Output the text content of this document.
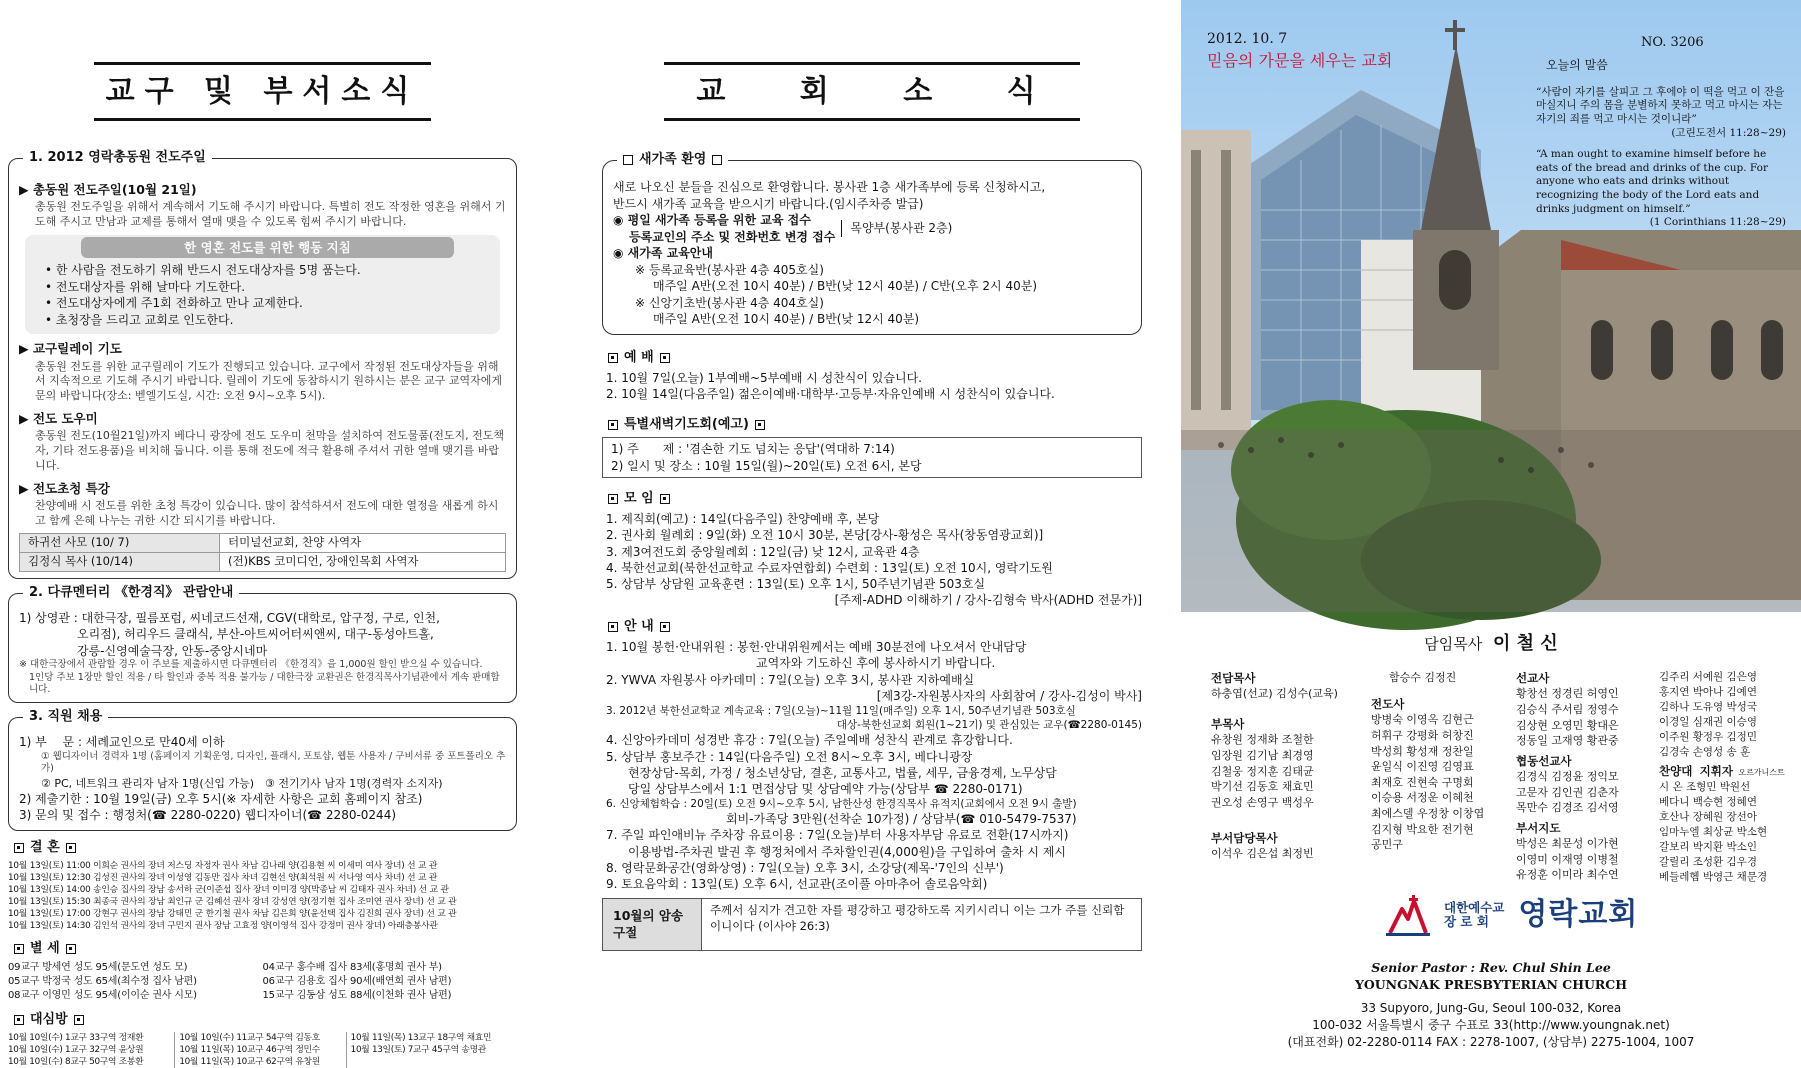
교구 및 부서소식
1. 2012 영락총동원 전도주일
▶ 총동원 전도주일(10월 21일)
총동원 전도주일을 위해서 계속해서 기도해 주시기 바랍니다. 특별히 전도 작정한 영혼을 위해서 기도해 주시고 만남과 교제를 통해서 열매 맺을 수 있도록 힘써 주시기 바랍니다.
한 영혼 전도를 위한 행동 지침
• 한 사람을 전도하기 위해 반드시 전도대상자를 5명 품는다.
• 전도대상자를 위해 날마다 기도한다.
• 전도대상자에게 주1회 전화하고 만나 교제한다.
• 초청장을 드리고 교회로 인도한다.
▶ 교구릴레이 기도
총동원 전도를 위한 교구릴레이 기도가 진행되고 있습니다. 교구에서 작정된 전도대상자들을 위해서 지속적으로 기도해 주시기 바랍니다. 릴레이 기도에 동참하시기 원하시는 분은 교구 교역자에게 문의 바랍니다(장소: 벧엘기도실, 시간: 오전 9시~오후 5시).
▶ 전도 도우미
총동원 전도(10월21일)까지 베다니 광장에 전도 도우미 천막을 설치하여 전도물품(전도지, 전도책자, 기타 전도용품)을 비치해 둡니다. 이를 통해 전도에 적극 활용해 주셔서 귀한 열매 맺기를 바랍니다.
▶ 전도초청 특강
찬양예배 시 전도를 위한 초청 특강이 있습니다. 많이 참석하셔서 전도에 대한 열정을 새롭게 하시고 함께 은혜 나누는 귀한 시간 되시기를 바랍니다.
하귀선 사모 (10/ 7)	터미널선교회, 찬양 사역자
김정식 목사 (10/14)	(전)KBS 코미디언, 장애인목회 사역자
2. 다큐멘터리 《한경직》 관람안내
1) 상영관 : 대한극장, 필름포럼, 씨네코드선재, CGV(대학로, 압구정, 구로, 인천,
오리점), 허리우드 클래식, 부산-아트씨어터씨앤씨, 대구-동성아트홀,
강릉-신영예술극장, 안동-중앙시네마
※ 대한극장에서 관람할 경우 이 주보를 제출하시면 다큐멘터리 《한경직》을 1,000원 할인 받으실 수 있습니다.
1인당 주보 1장만 할인 적용 / 타 할인과 중복 적용 불가능 / 대한극장 교환권은 한경직목사기념관에서 계속 판매합니다.
3. 직원 채용
1) 부　 문 : 세례교인으로 만40세 이하
① 웹디자이너 경력자 1명 (홈페이지 기획운영, 디자인, 플래시, 포토샵, 웹툰 사용자 / 구비서류 중 포트폴리오 추가)
② PC, 네트워크 관리자 남자 1명(신입 가능)　③ 전기기사 남자 1명(경력자 소지자)
2) 제출기한 : 10월 19일(금) 오후 5시(※ 자세한 사항은 교회 홈페이지 참조)
3) 문의 및 접수 : 행정처(☎ 2280-0220) 웹디자이너(☎ 2280-0244)
결 혼
10월 13일(토) 11:00 이희순 권사의 장녀 저스딩 자정자 권사 차남 김나래 양(김용현 씨 이세미 여사 장녀) 선 교 관
10월 13일(토) 12:30 김성진 권사의 장녀 이성영 김동만 집사 차녀 김현선 양(최석원 씨 서나영 여사 차녀) 선 교 관
10월 13일(토) 14:00 송인승 집사의 장남 송서하 군(이준섭 집사 장녀 이미경 양(박종남 씨 김태자 권사 차녀) 선 교 관
10월 13일(토) 15:30 최종국 권사의 장남 최인규 군 김혜선 권사 장녀 강성연 양(정기현 집사 조미연 권사 장녀) 선 교 관
10월 13일(토) 17:00 강현구 권사의 장남 강태민 군 한기철 권사 차남 김은희 양(윤선택 집사 김진희 권사 장녀) 선 교 관
10월 13일(토) 14:30 김인석 권사의 장녀 구민지 권사 장남 고효정 양(이영석 집사 강정미 권사 장녀) 아래층봉사관
별 세
09교구 방세연 성도 95세(문도연 성도 모)
05교구 박정국 성도 65세(최수정 집사 남편)
08교구 이영민 성도 95세(이이순 권사 시모)
04교구 홍수배 집사 83세(홍명희 권사 부)
06교구 김용호 집사 90세(배연희 권사 남편)
15교구 김동삼 성도 88세(이천화 권사 남편)
대심방
10월 10일(수) 1교구 33구역 정재환
10월 10일(수) 1교구 32구역 윤상원
10월 10일(수) 8교구 50구역 조봉환
10월 10일(수) 11교구 54구역 김동호
10월 11일(목) 10교구 46구역 정민수
10월 11일(목) 10교구 62구역 유창원
10월 11일(목) 13교구 18구역 채효민
10월 13일(토) 7교구 45구역 송명관
교 회 소 식
새가족 환영
새로 나오신 분들을 진심으로 환영합니다. 봉사관 1층 새가족부에 등록 신청하시고,
반드시 새가족 교육을 받으시기 바랍니다.(임시주차증 발급)
◉ 평일 새가족 등록을 위한 교육 접수
등록교인의 주소 및 전화번호 변경 접수
목양부(봉사관 2층)
◉ 새가족 교육안내
※ 등록교육반(봉사관 4층 405호실)
매주일 A반(오전 10시 40분) / B반(낮 12시 40분) / C반(오후 2시 40분)
※ 신앙기초반(봉사관 4층 404호실)
매주일 A반(오전 10시 40분) / B반(낮 12시 40분)
예 배
1. 10월 7일(오늘) 1부예배~5부예배 시 성찬식이 있습니다.
2. 10월 14일(다음주일) 젊은이예배·대학부·고등부·자유인예배 시 성찬식이 있습니다.
특별새벽기도회(예고)
1) 주　　제 : '겸손한 기도 넘치는 응답'(역대하 7:14)
2) 일시 및 장소 : 10월 15일(월)~20일(토) 오전 6시, 본당
모 임
1. 제직회(예고) : 14일(다음주일) 찬양예배 후, 본당
2. 권사회 월례회 : 9일(화) 오전 10시 30분, 본당[강사-황성은 목사(창동염광교회)]
3. 제3여전도회 중앙월례회 : 12일(금) 낮 12시, 교육관 4층
4. 북한선교회(북한선교학교 수료자연합회) 수련회 : 13일(토) 오전 10시, 영락기도원
5. 상담부 상담원 교육훈련 : 13일(토) 오후 1시, 50주년기념관 503호실
[주제-ADHD 이해하기 / 강사-김형숙 박사(ADHD 전문가)]
안 내
1. 10월 봉헌·안내위원 : 봉헌·안내위원께서는 예배 30분전에 나오셔서 안내담당
교역자와 기도하신 후에 봉사하시기 바랍니다.
2. YWVA 자원봉사 아카데미 : 7일(오늘) 오후 3시, 봉사관 지하예배실
[제3강-자원봉사자의 사회참여 / 강사-김성이 박사]
3. 2012년 북한선교학교 계속교육 : 7일(오늘)~11월 11일(매주일) 오후 1시, 50주년기념관 503호실
대상-북한선교회 회원(1~21기) 및 관심있는 교우(☎2280-0145)
4. 신앙아카데미 성경반 휴강 : 7일(오늘) 주일예배 성찬식 관계로 휴강합니다.
5. 상담부 홍보주간 : 14일(다음주일) 오전 8시~오후 3시, 베다니광장
현장상담-목회, 가정 / 청소년상담, 결혼, 교통사고, 법률, 세무, 금융경제, 노무상담
당일 상담부스에서 1:1 면접상담 및 상담예약 가능(상담부 ☎ 2280-0171)
6. 신앙체험학습 : 20일(토) 오전 9시~오후 5시, 남한산성 한경직목사 유적지(교회에서 오전 9시 출발)
회비-가족당 3만원(선착순 10가정) / 상담부(☎ 010-5479-7537)
7. 주일 파인애비뉴 주차장 유료이용 : 7일(오늘)부터 사용자부담 유료로 전환(17시까지)
이용방법-주차권 발권 후 행정처에서 주차할인권(4,000원)을 구입하여 출차 시 제시
8. 영락문화공간(영화상영) : 7일(오늘) 오후 3시, 소강당(제목-'7인의 신부')
9. 토요음악회 : 13일(토) 오후 6시, 선교관(조이풀 아마추어 솔로음악회)
10월의 암송 구절
주께서 심지가 견고한 자를 평강하고 평강하도록 지키시리니 이는 그가 주를 신뢰함이니이다 (이사야 26:3)
2012. 10. 7
믿음의 가문을 세우는 교회
NO. 3206
오늘의 말씀
“사람이 자기를 살피고 그 후에야 이 떡을 먹고 이 잔을 마실지니 주의 몸을 분별하지 못하고 먹고 마시는 자는 자기의 죄를 먹고 마시는 것이니라”
(고린도전서 11:28~29)
“A man ought to examine himself before he eats of the bread and drinks of the cup. For anyone who eats and drinks without recognizing the body of the Lord eats and drinks judgment on himself.”
(1 Corinthians 11:28~29)
담임목사 이 철 신
전담목사
하충엽(선교) 김성수(교육)
함승수 김정진
부목사
유창원 정재화 조철한
임장원 김기남 최경영
김철웅 정지훈 김태균
박기선 김동호 채효민
권오성 손영구 백성우
부서담당목사
이석우 김은섭 최정빈
전도사
방병숙 이영옥 김현근
허휘구 강평화 허창진
박성희 황성재 정찬일
윤일식 이진영 김영표
최재호 진현숙 구명회
이승용 서정운 이혜천
최에스델 우정창 이창엽
김지형 박요한 전기현
공민구
선교사
황창선 정경린 허영인
김승식 주서림 정영수
김상현 오영민 황대은
정동일 고재영 황관중
협동선교사
김경식 김정윤 정익모
고문자 김인권 김춘자
목만수 김경조 김서영
부서지도
박성은 최문성 이가현
이영미 이재영 이병철
유정훈 이미라 최수연
김주리 서예원 김은영
홍지연 박아나 김예연
김하나 도유영 박성국
이경일 심재권 이승영
이주원 황정우 김정민
김경숙 손영성 송 훈
찬양대 지휘자 오르가니스트
시 온 조형민 박원선
베다니 백승현 정혜연
호산나 장혜원 장선아
임마누엘 최상균 박소현
갈보리 박지환 박소인
갈릴리 조성환 김우경
베들레헴 박영근 채문경
대한예수교
장 로 회 영락교회
Senior Pastor : Rev. Chul Shin Lee
YOUNGNAK PRESBYTERIAN CHURCH
33 Supyoro, Jung-Gu, Seoul 100-032, Korea
100-032 서울특별시 중구 수표로 33(http://www.youngnak.net)
(대표전화) 02-2280-0114 FAX : 2278-1007, (상담부) 2275-1004, 1007
